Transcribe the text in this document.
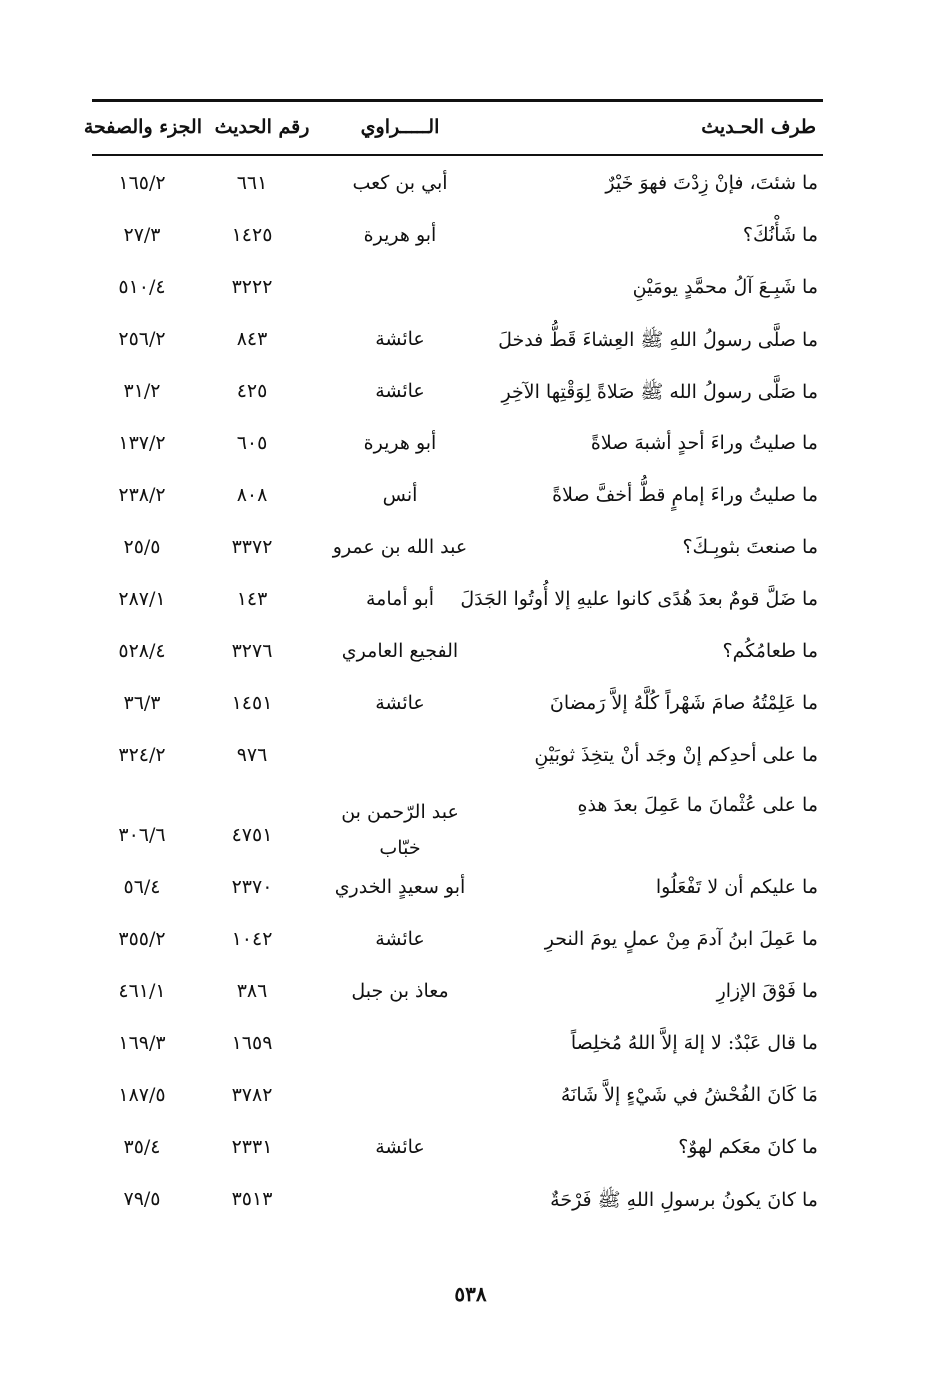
طرف الحـديث
الـــــراوي
رقم الحديث
الجزء والصفحة
ما شئتَ، فإنْ زِدْتَ فهوَ خَيْرٌ
أبي بن كعب
٦٦١
١٦٥/٢
ما شَأْنُكَ؟
أبو هريرة
١٤٢٥
٢٧/٣
ما شَبِـعَ آلُ محمَّدٍ يومَيْنِ
٣٢٢٢
٥١٠/٤
ما صلَّى رسولُ اللهِ ﷺ العِشاءَ قَطُّ فدخلَ
عائشة
٨٤٣
٢٥٦/٢
ما صَلَّى رسولُ الله ﷺ صَلاةً لِوَقْتِها الآخِرِ
عائشة
٤٢٥
٣١/٢
ما صليتُ وراءَ أحدٍ أشبهَ صلاةً
أبو هريرة
٦٠٥
١٣٧/٢
ما صليتُ وراءَ إمامٍ قطُّ أخفَّ صلاةً
أنس
٨٠٨
٢٣٨/٢
ما صنعتَ بثوبِـكَ؟
عبد الله بن عمرو
٣٣٧٢
٢٥/٥
ما ضَلَّ قومٌ بعدَ هُدًى كانوا عليهِ إلا أُوتُوا الجَدَلَ
أبو أمامة
١٤٣
٢٨٧/١
ما طعامُكُم؟
الفجيع العامري
٣٢٧٦
٥٢٨/٤
ما عَلِمْتُهُ صامَ شَهْراً كُلَّهُ إلاَّ رَمضانَ
عائشة
١٤٥١
٣٦/٣
ما على أحدِكم إنْ وجَد أنْ يتخِذَ ثوبَيْنِ
٩٧٦
٣٢٤/٢
ما على عُثْمانَ ما عَمِلَ بعدَ هذهِ
عبد الرّحمن بن خبّاب
٤٧٥١
٣٠٦/٦
ما عليكم أن لا تَفْعَلُوا
أبو سعيدٍ الخدري
٢٣٧٠
٥٦/٤
ما عَمِلَ ابنُ آدمَ مِنْ عملٍ يومَ النحرِ
عائشة
١٠٤٢
٣٥٥/٢
ما فَوْقَ الإزارِ
معاذ بن جبل
٣٨٦
٤٦١/١
ما قال عَبْدٌ: لا إلهَ إلاَّ اللهُ مُخلِصاً
١٦٥٩
١٦٩/٣
مَا كَانَ الفُحْشُ في شَيْءٍ إلاَّ شَانَهُ
٣٧٨٢
١٨٧/٥
ما كانَ معَكم لهوٌ؟
عائشة
٢٣٣١
٣٥/٤
ما كانَ يكونُ برسولِ اللهِ ﷺ فَرْحَةٌ
٣٥١٣
٧٩/٥
٥٣٨
